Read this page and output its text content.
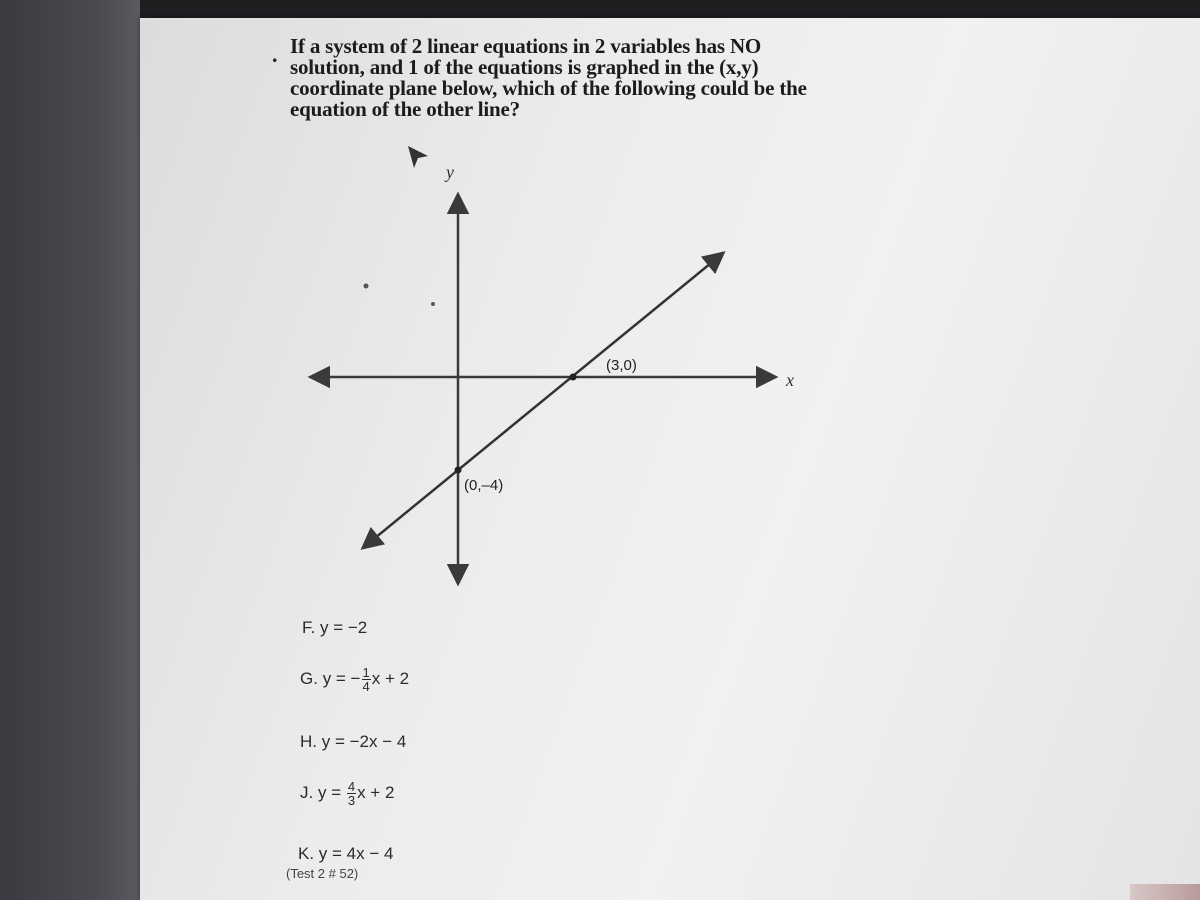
. If a system of 2 linear equations in 2 variables has NO solution, and 1 of the equations is graphed in the (x,y) coordinate plane below, which of the following could be the equation of the other line?
y
x
(3,0)
(0,–4)
F. y = −2
G. y = − $\frac{1}{4}$ x + 2
H. y = −2x − 4
J. $y = \frac{4}{3}$ x + 2
K. y = 4x − 4
(Test 2 # 52)
